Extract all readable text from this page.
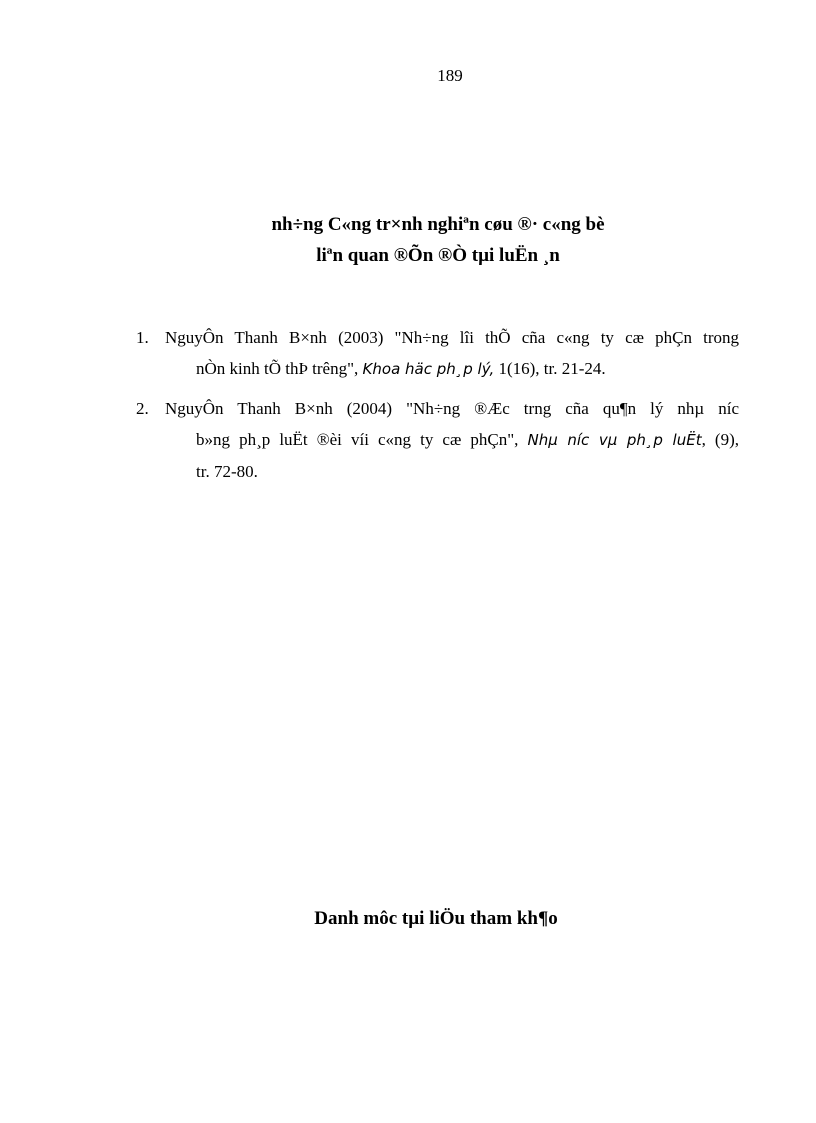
189
nh÷ng C«ng tr×nh nghiªn cøu ®· c«ng bè
liªn quan ®Õn ®Ò tµi luËn ¸n
1. NguyÔn Thanh B×nh (2003) "Nh÷ng lîi thÕ cña c«ng ty cæ phÇn trong
nÒn kinh tÕ thÞ trêng", Khoa häc ph¸p lý, 1(16), tr. 21-24.
2. NguyÔn Thanh B×nh (2004) "Nh÷ng ®Æc trng cña qu¶n lý nhµ níc
b»ng ph¸p luËt ®èi víi c«ng ty cæ phÇn", Nhµ níc vµ ph¸p luËt, (9),
tr. 72-80.
Danh môc tµi liÖu tham kh¶o
